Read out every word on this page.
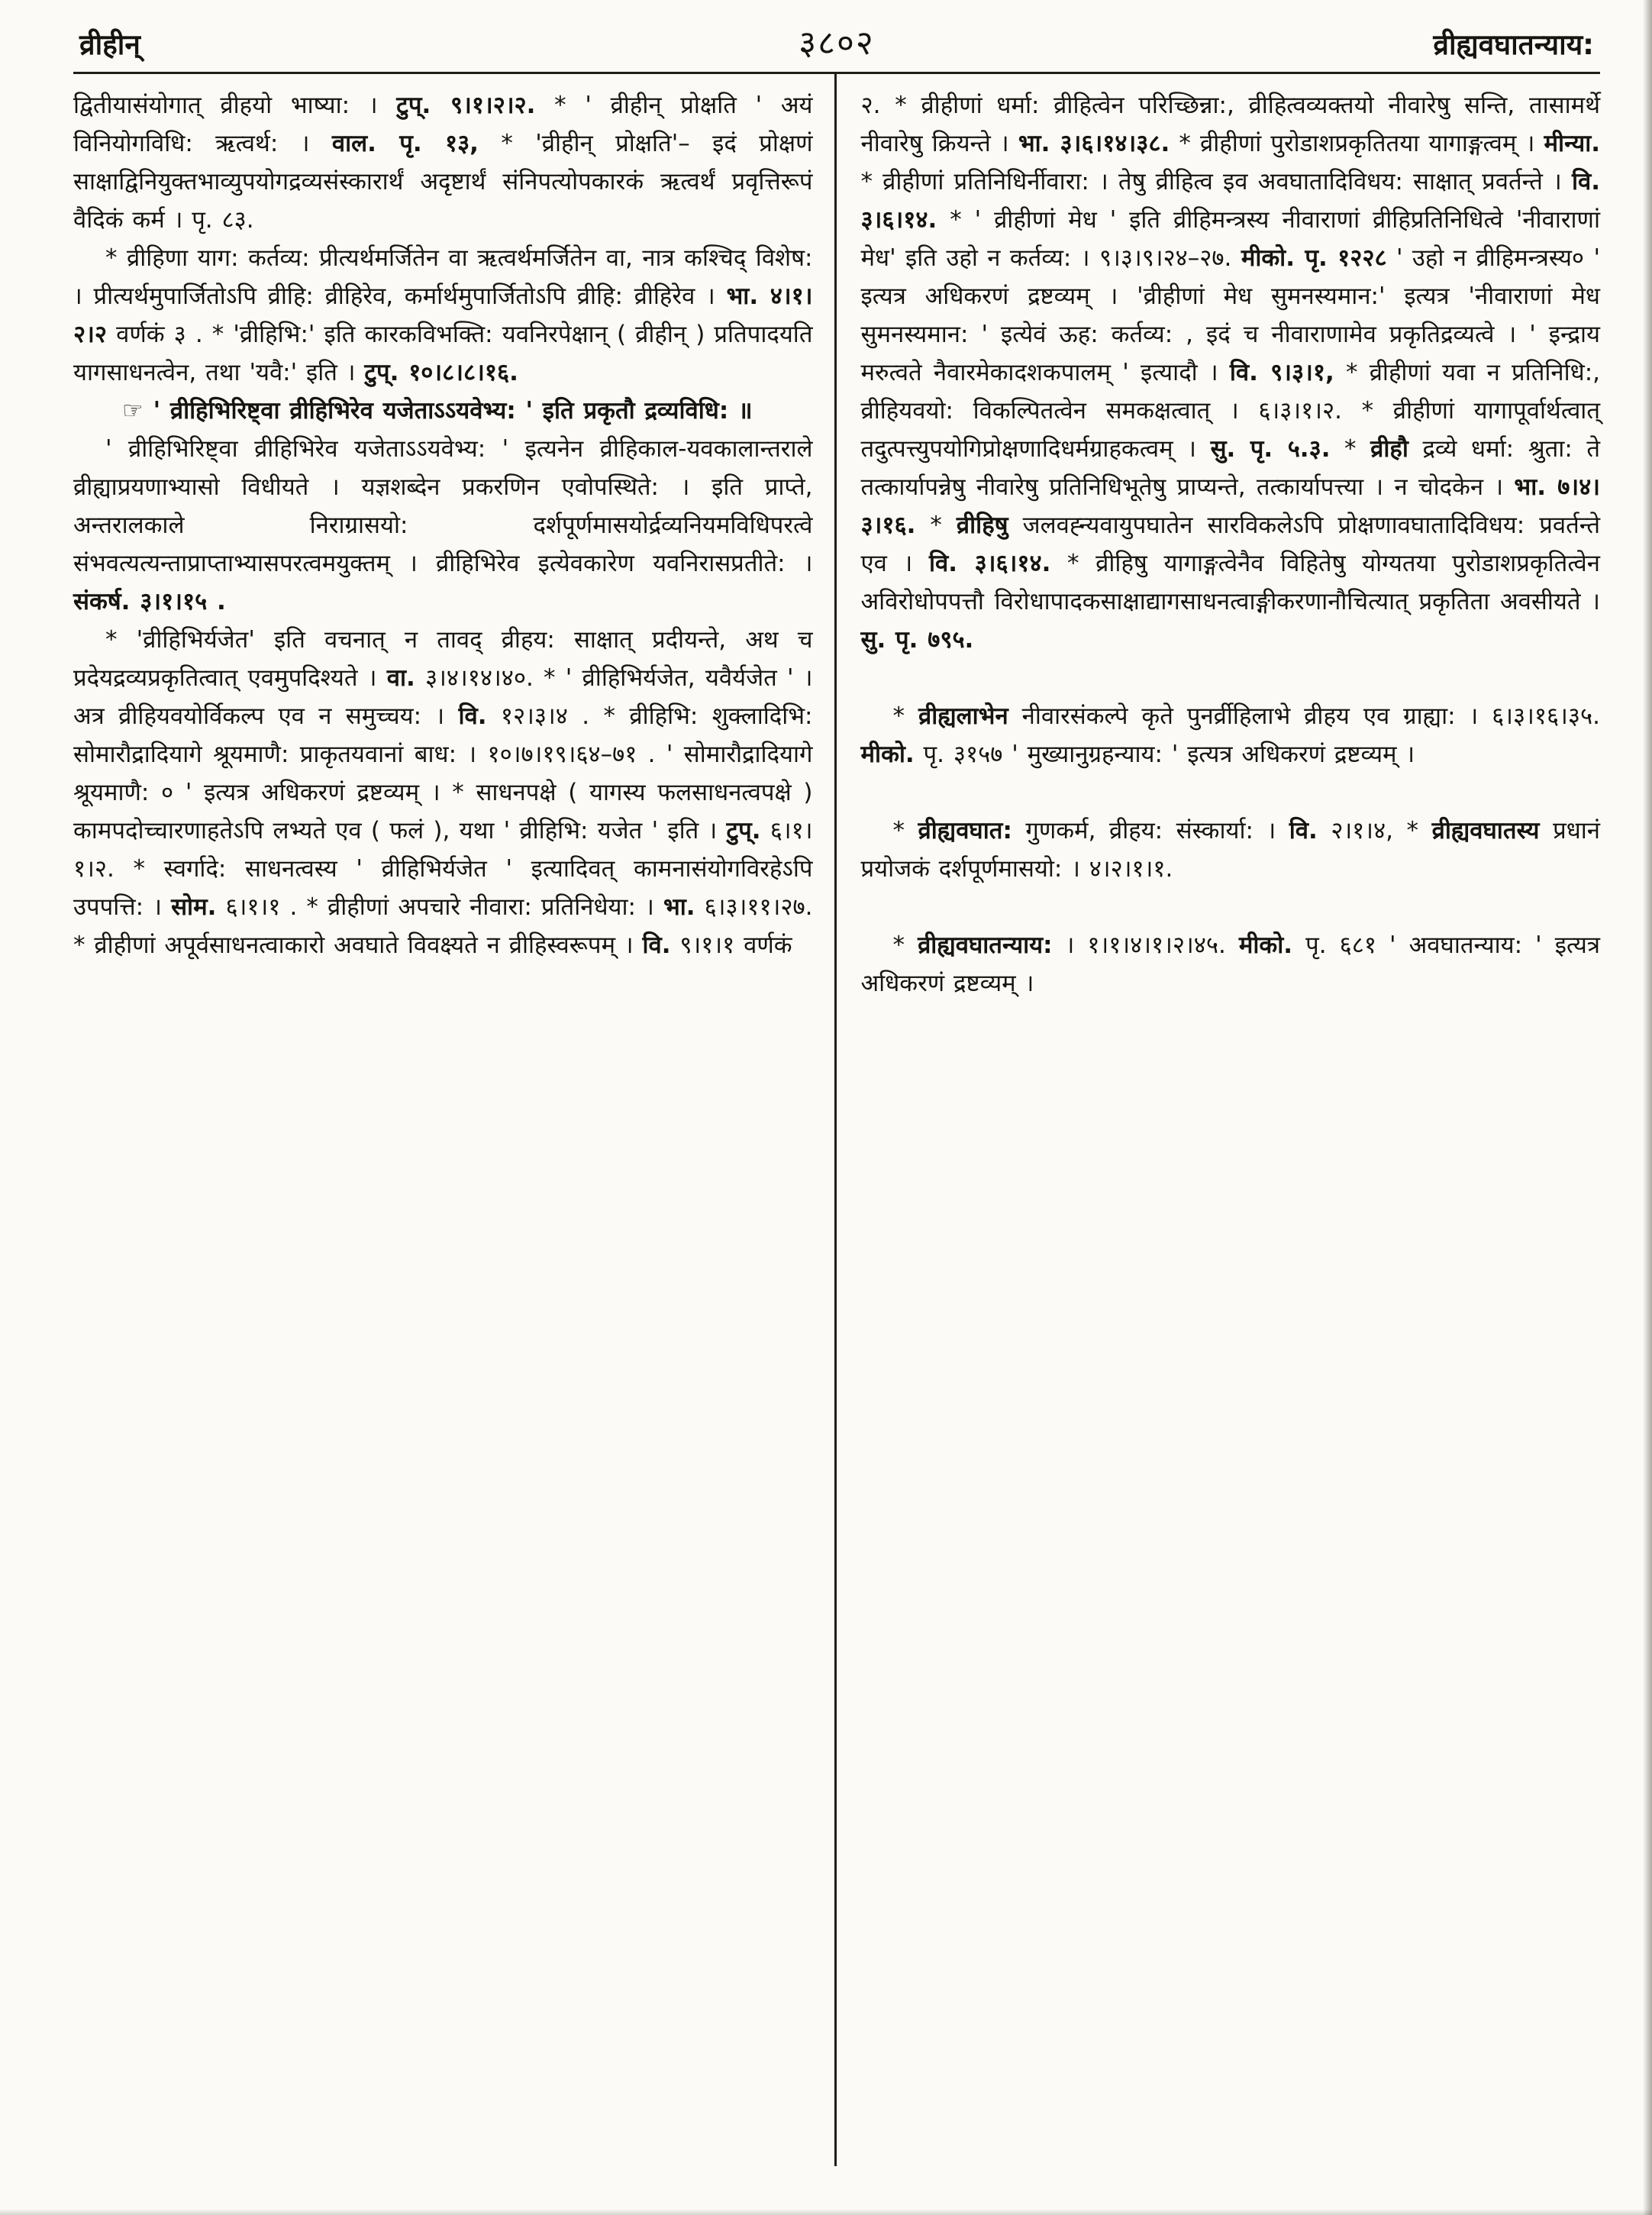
व्रीहीन्	३८०२	व्रीह्यवघातन्याय:

द्वितीयासंयोगात् व्रीहयो भाष्या: । टुप्. ९।१।२।२. * ' व्रीहीन् प्रोक्षति ' अयं विनियोगविधि: ऋत्वर्थ: । वाल. पृ. १३, * 'व्रीहीन् प्रोक्षति'– इदं प्रोक्षणं साक्षाद्विनियुक्तभाव्युपयोगद्रव्यसंस्कारार्थं अदृष्टार्थं संनिपत्योपकारकं ऋत्वर्थं प्रवृत्तिरूपं वैदिकं कर्म । पृ. ८३.

* व्रीहिणा याग: कर्तव्य: प्रीत्यर्थमर्जितेन वा ऋत्वर्थमर्जितेन वा, नात्र कश्चिद् विशेष: । प्रीत्यर्थमुपार्जितोऽपि व्रीहि: व्रीहिरेव, कर्मार्थमुपार्जितोऽपि व्रीहि: व्रीहिरेव । भा. ४।१।२।२ वर्णकं ३ . * 'व्रीहिभि:' इति कारकविभक्ति: यवनिरपेक्षान् ( व्रीहीन् ) प्रतिपादयति यागसाधनत्वेन, तथा 'यवै:' इति । टुप्. १०।८।८।१६.

☞ ' व्रीहिभिरिष्ट्वा व्रीहिभिरेव यजेताऽऽयवेभ्य: ' इति प्रकृतौ द्रव्यविधि: ॥

' व्रीहिभिरिष्ट्वा व्रीहिभिरेव यजेताऽऽयवेभ्य: ' इत्यनेन व्रीहिकाल-यवकालान्तराले व्रीह्याप्रयणाभ्यासो विधीयते । यज्ञशब्देन प्रकरणिन एवोपस्थिते: । इति प्राप्ते, अन्तरालकाले निराग्रासयो: दर्शपूर्णमासयोर्द्रव्यनियमविधिपरत्वे संभवत्यत्यन्ताप्राप्ताभ्यासपरत्वमयुक्तम् । व्रीहिभिरेव इत्येवकारेण यवनिरासप्रतीते: । संकर्ष. ३।१।१५ .

* 'व्रीहिभिर्यजेत' इति वचनात् न तावद् व्रीहय: साक्षात् प्रदीयन्ते, अथ च प्रदेयद्रव्यप्रकृतित्वात् एवमुपदिश्यते । वा. ३।४।१४।४०. * ' व्रीहिभिर्यजेत, यवैर्यजेत ' । अत्र व्रीहियवयोर्विकल्प एव न समुच्चय: । वि. १२।३।४ . * व्रीहिभि: शुक्लादिभि: सोमारौद्रादियागे श्रूयमाणै: प्राकृतयवानां बाध: । १०।७।१९।६४–७१ . ' सोमारौद्रादियागे श्रूयमाणै: ० ' इत्यत्र अधिकरणं द्रष्टव्यम् । * साधनपक्षे ( यागस्य फलसाधनत्वपक्षे ) कामपदोच्चारणाहतेऽपि लभ्यते एव ( फलं ), यथा ' व्रीहिभि: यजेत ' इति । टुप्. ६।१।१।२. * स्वर्गादे: साधनत्वस्य ' व्रीहिभिर्यजेत ' इत्यादिवत् कामनासंयोगविरहेऽपि उपपत्ति: । सोम. ६।१।१ . * व्रीहीणां अपचारे नीवारा: प्रतिनिधेया: । भा. ६।३।११।२७. * व्रीहीणां अपूर्वसाधनत्वाकारो अवघाते विवक्ष्यते न व्रीहिस्वरूपम् । वि. ९।१।१ वर्णकं

२. * व्रीहीणां धर्मा: व्रीहित्वेन परिच्छिन्ना:, व्रीहित्वव्यक्तयो नीवारेषु सन्ति, तासामर्थे नीवारेषु क्रियन्ते । भा. ३।६।१४।३८. * व्रीहीणां पुरोडाशप्रकृतितया यागाङ्गत्वम् । मीन्या. * व्रीहीणां प्रतिनिधिर्नीवारा: । तेषु व्रीहित्व इव अवघातादिविधय: साक्षात् प्रवर्तन्ते । वि. ३।६।१४. * ' व्रीहीणां मेध ' इति व्रीहिमन्त्रस्य नीवाराणां व्रीहिप्रतिनिधित्वे 'नीवाराणां मेध' इति उहो न कर्तव्य: । ९।३।९।२४–२७. मीको. पृ. १२२८ ' उहो न व्रीहिमन्त्रस्य० ' इत्यत्र अधिकरणं द्रष्टव्यम् । 'व्रीहीणां मेध सुमनस्यमान:' इत्यत्र 'नीवाराणां मेध सुमनस्यमान: ' इत्येवं ऊह: कर्तव्य: , इदं च नीवाराणामेव प्रकृतिद्रव्यत्वे । ' इन्द्राय मरुत्वते नैवारमेकादशकपालम् ' इत्यादौ । वि. ९।३।१, * व्रीहीणां यवा न प्रतिनिधि:, व्रीहियवयो: विकल्पितत्वेन समकक्षत्वात् । ६।३।१।२. * व्रीहीणां यागापूर्वार्थत्वात् तदुत्पत्त्युपयोगिप्रोक्षणादिधर्मग्राहकत्वम् । सु. पृ. ५.३. * व्रीहौ द्रव्ये धर्मा: श्रुता: ते तत्कार्यापन्नेषु नीवारेषु प्रतिनिधिभूतेषु प्राप्यन्ते, तत्कार्यापत्त्या । न चोदकेन । भा. ७।४।३।१६. * व्रीहिषु जलवह्न्यवायुपघातेन सारविकलेऽपि प्रोक्षणावघातादिविधय: प्रवर्तन्ते एव । वि. ३।६।१४. * व्रीहिषु यागाङ्गत्वेनैव विहितेषु योग्यतया पुरोडाशप्रकृतित्वेन अविरोधोपपत्तौ विरोधापादकसाक्षाद्यागसाधनत्वाङ्गीकरणानौचित्यात् प्रकृतिता अवसीयते । सु. पृ. ७९५.

* व्रीह्यलाभेन नीवारसंकल्पे कृते पुनर्व्रीहिलाभे व्रीहय एव ग्राह्या: । ६।३।१६।३५. मीको. पृ. ३१५७ ' मुख्यानुग्रहन्याय: ' इत्यत्र अधिकरणं द्रष्टव्यम् ।

* व्रीह्यवघात: गुणकर्म, व्रीहय: संस्कार्या: । वि. २।१।४, * व्रीह्यवघातस्य प्रधानं प्रयोजकं दर्शपूर्णमासयो: । ४।२।१।१.

* व्रीह्यवघातन्याय: । १।१।४।१।२।४५. मीको. पृ. ६८१ ' अवघातन्याय: ' इत्यत्र अधिकरणं द्रष्टव्यम् ।
